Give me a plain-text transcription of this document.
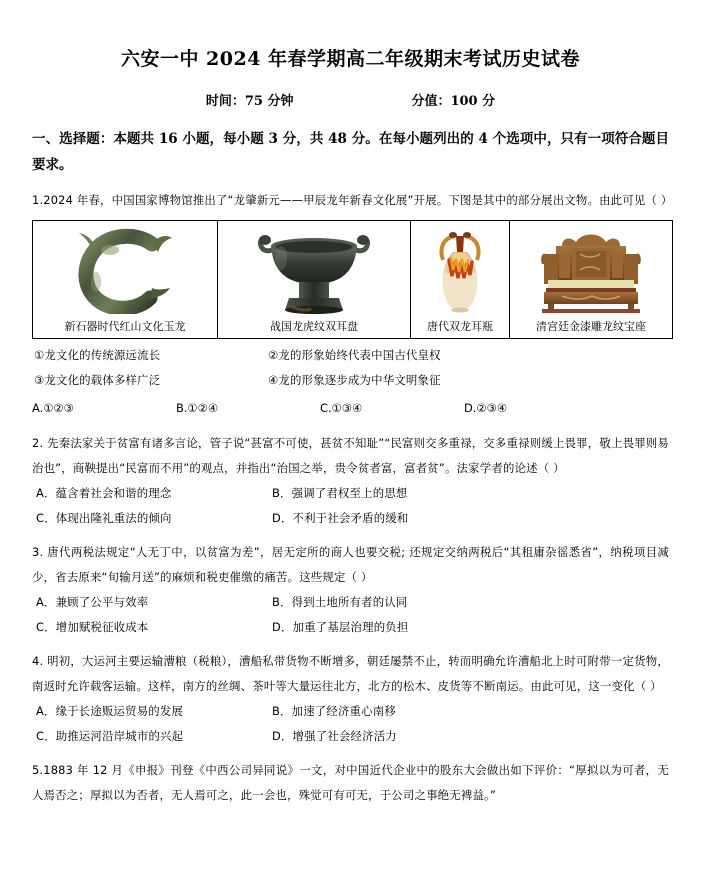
六安一中 2024 年春学期高二年级期末考试历史试卷
时间：75 分钟	分值：100 分
一、选择题：本题共 16 小题，每小题 3 分，共 48 分。在每小题列出的 4 个选项中，只有一项符合题目要求。
1.2024 年春，中国国家博物馆推出了“龙肇新元——甲辰龙年新春文化展”开展。下图是其中的部分展出文物。由此可见（ ）
新石器时代红山文化玉龙	战国龙虎纹双耳盘	唐代双龙耳瓶	清宫廷金漆雕龙纹宝座
①龙文化的传统源远流长	②龙的形象始终代表中国古代皇权
③龙文化的载体多样广泛	④龙的形象逐步成为中华文明象征
A.①②③	B.①②④	C.①③④	D.②③④
2. 先秦法家关于贫富有诸多言论，管子说“甚富不可使，甚贫不知耻”“民富则交多重禄，交多重禄则缓上畏罪，敬上畏罪则易治也”，商鞅提出“民富而不用”的观点，并指出“治国之举，贵令贫者富，富者贫”。法家学者的论述（ ）
A．蕴含着社会和谐的理念	B．强调了君权至上的思想
C．体现出隆礼重法的倾向	D．不利于社会矛盾的缓和
3. 唐代两税法规定“人无丁中，以贫富为差”，居无定所的商人也要交税; 还规定交纳两税后“其租庸杂徭悉省”，纳税项目减少，省去原来“旬输月送”的麻烦和税吏催缴的痛苦。这些规定（ ）
A．兼顾了公平与效率	B．得到土地所有者的认同
C．增加赋税征收成本	D．加重了基层治理的负担
4. 明初，大运河主要运输漕粮（税粮），漕船私带货物不断增多，朝廷屡禁不止，转而明确允许漕船北上时可附带一定货物，南返时允许载客运输。这样，南方的丝绸、茶叶等大量运往北方，北方的松木、皮货等不断南运。由此可见，这一变化（ ）
A．缘于长途贩运贸易的发展	B．加速了经济重心南移
C．助推运河沿岸城市的兴起	D．增强了社会经济活力
5.1883 年 12 月《申报》刊登《中西公司异同说》一文，对中国近代企业中的股东大会做出如下评价：“厚拟以为可者，无人焉否之；厚拟以为否者，无人焉可之，此一会也，殊觉可有可无，于公司之事绝无裨益。”
